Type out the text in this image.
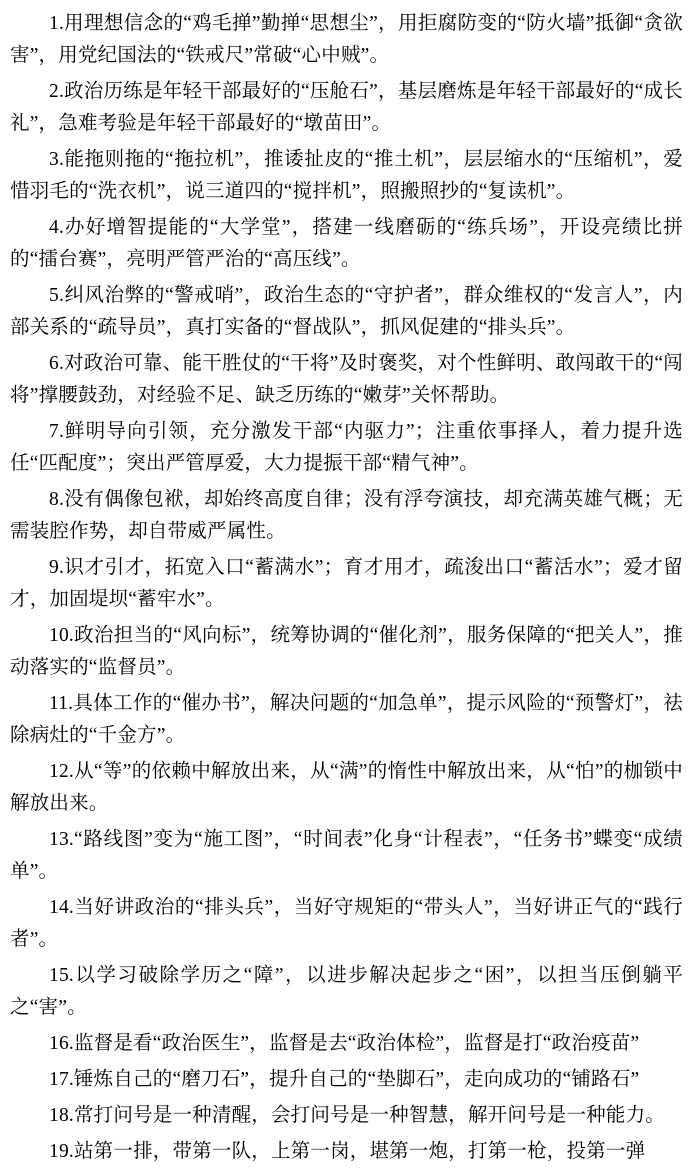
1.用理想信念的“鸡毛掸”勤掸“思想尘”，用拒腐防变的“防火墙”抵御“贪欲害”，用党纪国法的“铁戒尺”常破“心中贼”。

2.政治历练是年轻干部最好的“压舱石”，基层磨炼是年轻干部最好的“成长礼”，急难考验是年轻干部最好的“墩苗田”。

3.能拖则拖的“拖拉机”，推诿扯皮的“推土机”，层层缩水的“压缩机”，爱惜羽毛的“洗衣机”，说三道四的“搅拌机”，照搬照抄的“复读机”。

4.办好增智提能的“大学堂”，搭建一线磨砺的“练兵场”，开设亮绩比拼的“擂台赛”，亮明严管严治的“高压线”。

5.纠风治弊的“警戒哨”，政治生态的“守护者”，群众维权的“发言人”，内部关系的“疏导员”，真打实备的“督战队”，抓风促建的“排头兵”。

6.对政治可靠、能干胜仗的“干将”及时褒奖，对个性鲜明、敢闯敢干的“闯将”撑腰鼓劲，对经验不足、缺乏历练的“嫩芽”关怀帮助。

7.鲜明导向引领，充分激发干部“内驱力”；注重依事择人，着力提升选任“匹配度”；突出严管厚爱，大力提振干部“精气神”。

8.没有偶像包袱，却始终高度自律；没有浮夸演技，却充满英雄气概；无需装腔作势，却自带威严属性。

9.识才引才，拓宽入口“蓄满水”；育才用才，疏浚出口“蓄活水”；爱才留才，加固堤坝“蓄牢水”。

10.政治担当的“风向标”，统筹协调的“催化剂”，服务保障的“把关人”，推动落实的“监督员”。

11.具体工作的“催办书”，解决问题的“加急单”，提示风险的“预警灯”，祛除病灶的“千金方”。

12.从“等”的依赖中解放出来，从“满”的惰性中解放出来，从“怕”的枷锁中解放出来。

13.“路线图”变为“施工图”，“时间表”化身“计程表”，“任务书”蝶变“成绩单”。

14.当好讲政治的“排头兵”，当好守规矩的“带头人”，当好讲正气的“践行者”。

15.以学习破除学历之“障”，以进步解决起步之“困”，以担当压倒躺平之“害”。

16.监督是看“政治医生”，监督是去“政治体检”，监督是打“政治疫苗”

17.锤炼自己的“磨刀石”，提升自己的“垫脚石”，走向成功的“铺路石”

18.常打问号是一种清醒，会打问号是一种智慧，解开问号是一种能力。

19.站第一排，带第一队，上第一岗，堪第一炮，打第一枪，投第一弹
